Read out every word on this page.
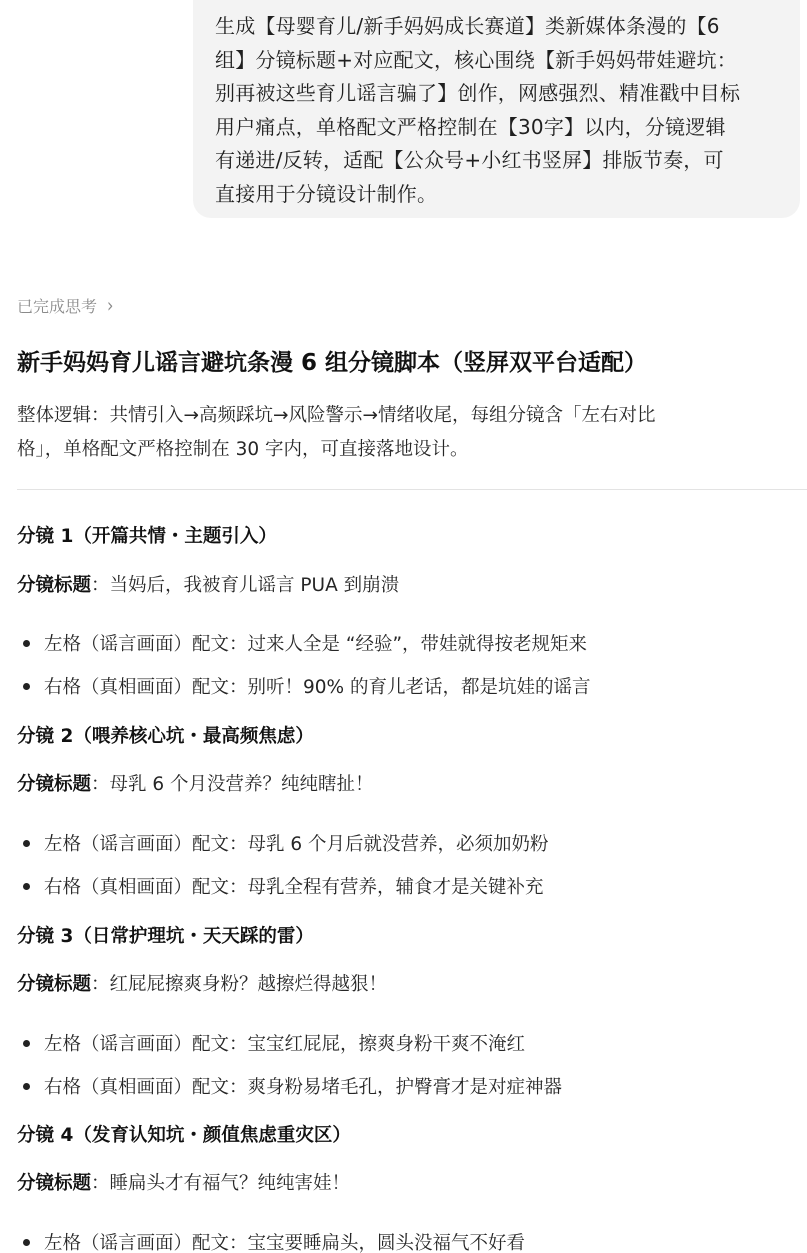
生成【母婴育儿/新手妈妈成长赛道】类新媒体条漫的【6
组】分镜标题+对应配文，核心围绕【新手妈妈带娃避坑：
别再被这些育儿谣言骗了】创作，网感强烈、精准戳中目标
用户痛点，单格配文严格控制在【30字】以内，分镜逻辑
有递进/反转，适配【公众号+小红书竖屏】排版节奏，可
直接用于分镜设计制作。
已完成思考 ›
新手妈妈育儿谣言避坑条漫 6 组分镜脚本（竖屏双平台适配）
整体逻辑：共情引入→高频踩坑→风险警示→情绪收尾，每组分镜含「左右对比
格」，单格配文严格控制在 30 字内，可直接落地设计。
分镜 1（开篇共情・主题引入）
分镜标题：当妈后，我被育儿谣言 PUA 到崩溃
左格（谣言画面）配文：过来人全是 “经验”，带娃就得按老规矩来
右格（真相画面）配文：别听！90% 的育儿老话，都是坑娃的谣言
分镜 2（喂养核心坑・最高频焦虑）
分镜标题：母乳 6 个月没营养？纯纯瞎扯！
左格（谣言画面）配文：母乳 6 个月后就没营养，必须加奶粉
右格（真相画面）配文：母乳全程有营养，辅食才是关键补充
分镜 3（日常护理坑・天天踩的雷）
分镜标题：红屁屁擦爽身粉？越擦烂得越狠！
左格（谣言画面）配文：宝宝红屁屁，擦爽身粉干爽不淹红
右格（真相画面）配文：爽身粉易堵毛孔，护臀膏才是对症神器
分镜 4（发育认知坑・颜值焦虑重灾区）
分镜标题：睡扁头才有福气？纯纯害娃！
左格（谣言画面）配文：宝宝要睡扁头，圆头没福气不好看
